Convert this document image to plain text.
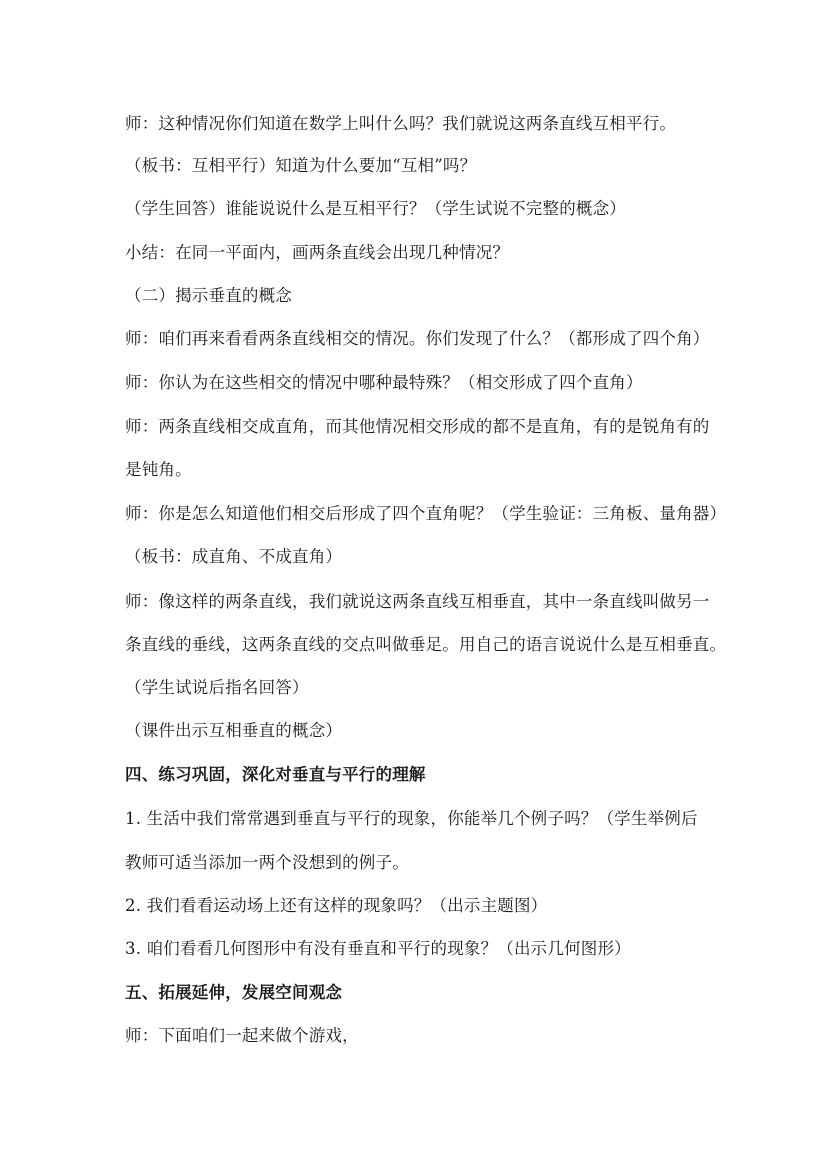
师：这种情况你们知道在数学上叫什么吗？我们就说这两条直线互相平行。
（板书：互相平行）知道为什么要加“互相”吗？
（学生回答）谁能说说什么是互相平行？（学生试说不完整的概念）
小结：在同一平面内，画两条直线会出现几种情况？
（二）揭示垂直的概念
师：咱们再来看看两条直线相交的情况。你们发现了什么？（都形成了四个角）
师：你认为在这些相交的情况中哪种最特殊？（相交形成了四个直角）
师：两条直线相交成直角，而其他情况相交形成的都不是直角，有的是锐角有的
是钝角。
师：你是怎么知道他们相交后形成了四个直角呢？（学生验证：三角板、量角器）
（板书：成直角、不成直角）
师：像这样的两条直线，我们就说这两条直线互相垂直，其中一条直线叫做另一
条直线的垂线，这两条直线的交点叫做垂足。用自己的语言说说什么是互相垂直。
（学生试说后指名回答）
（课件出示互相垂直的概念）
四、练习巩固，深化对垂直与平行的理解
1. 生活中我们常常遇到垂直与平行的现象，你能举几个例子吗？（学生举例后
教师可适当添加一两个没想到的例子。
2. 我们看看运动场上还有这样的现象吗？（出示主题图）
3. 咱们看看几何图形中有没有垂直和平行的现象？（出示几何图形）
五、拓展延伸，发展空间观念
师：下面咱们一起来做个游戏，
